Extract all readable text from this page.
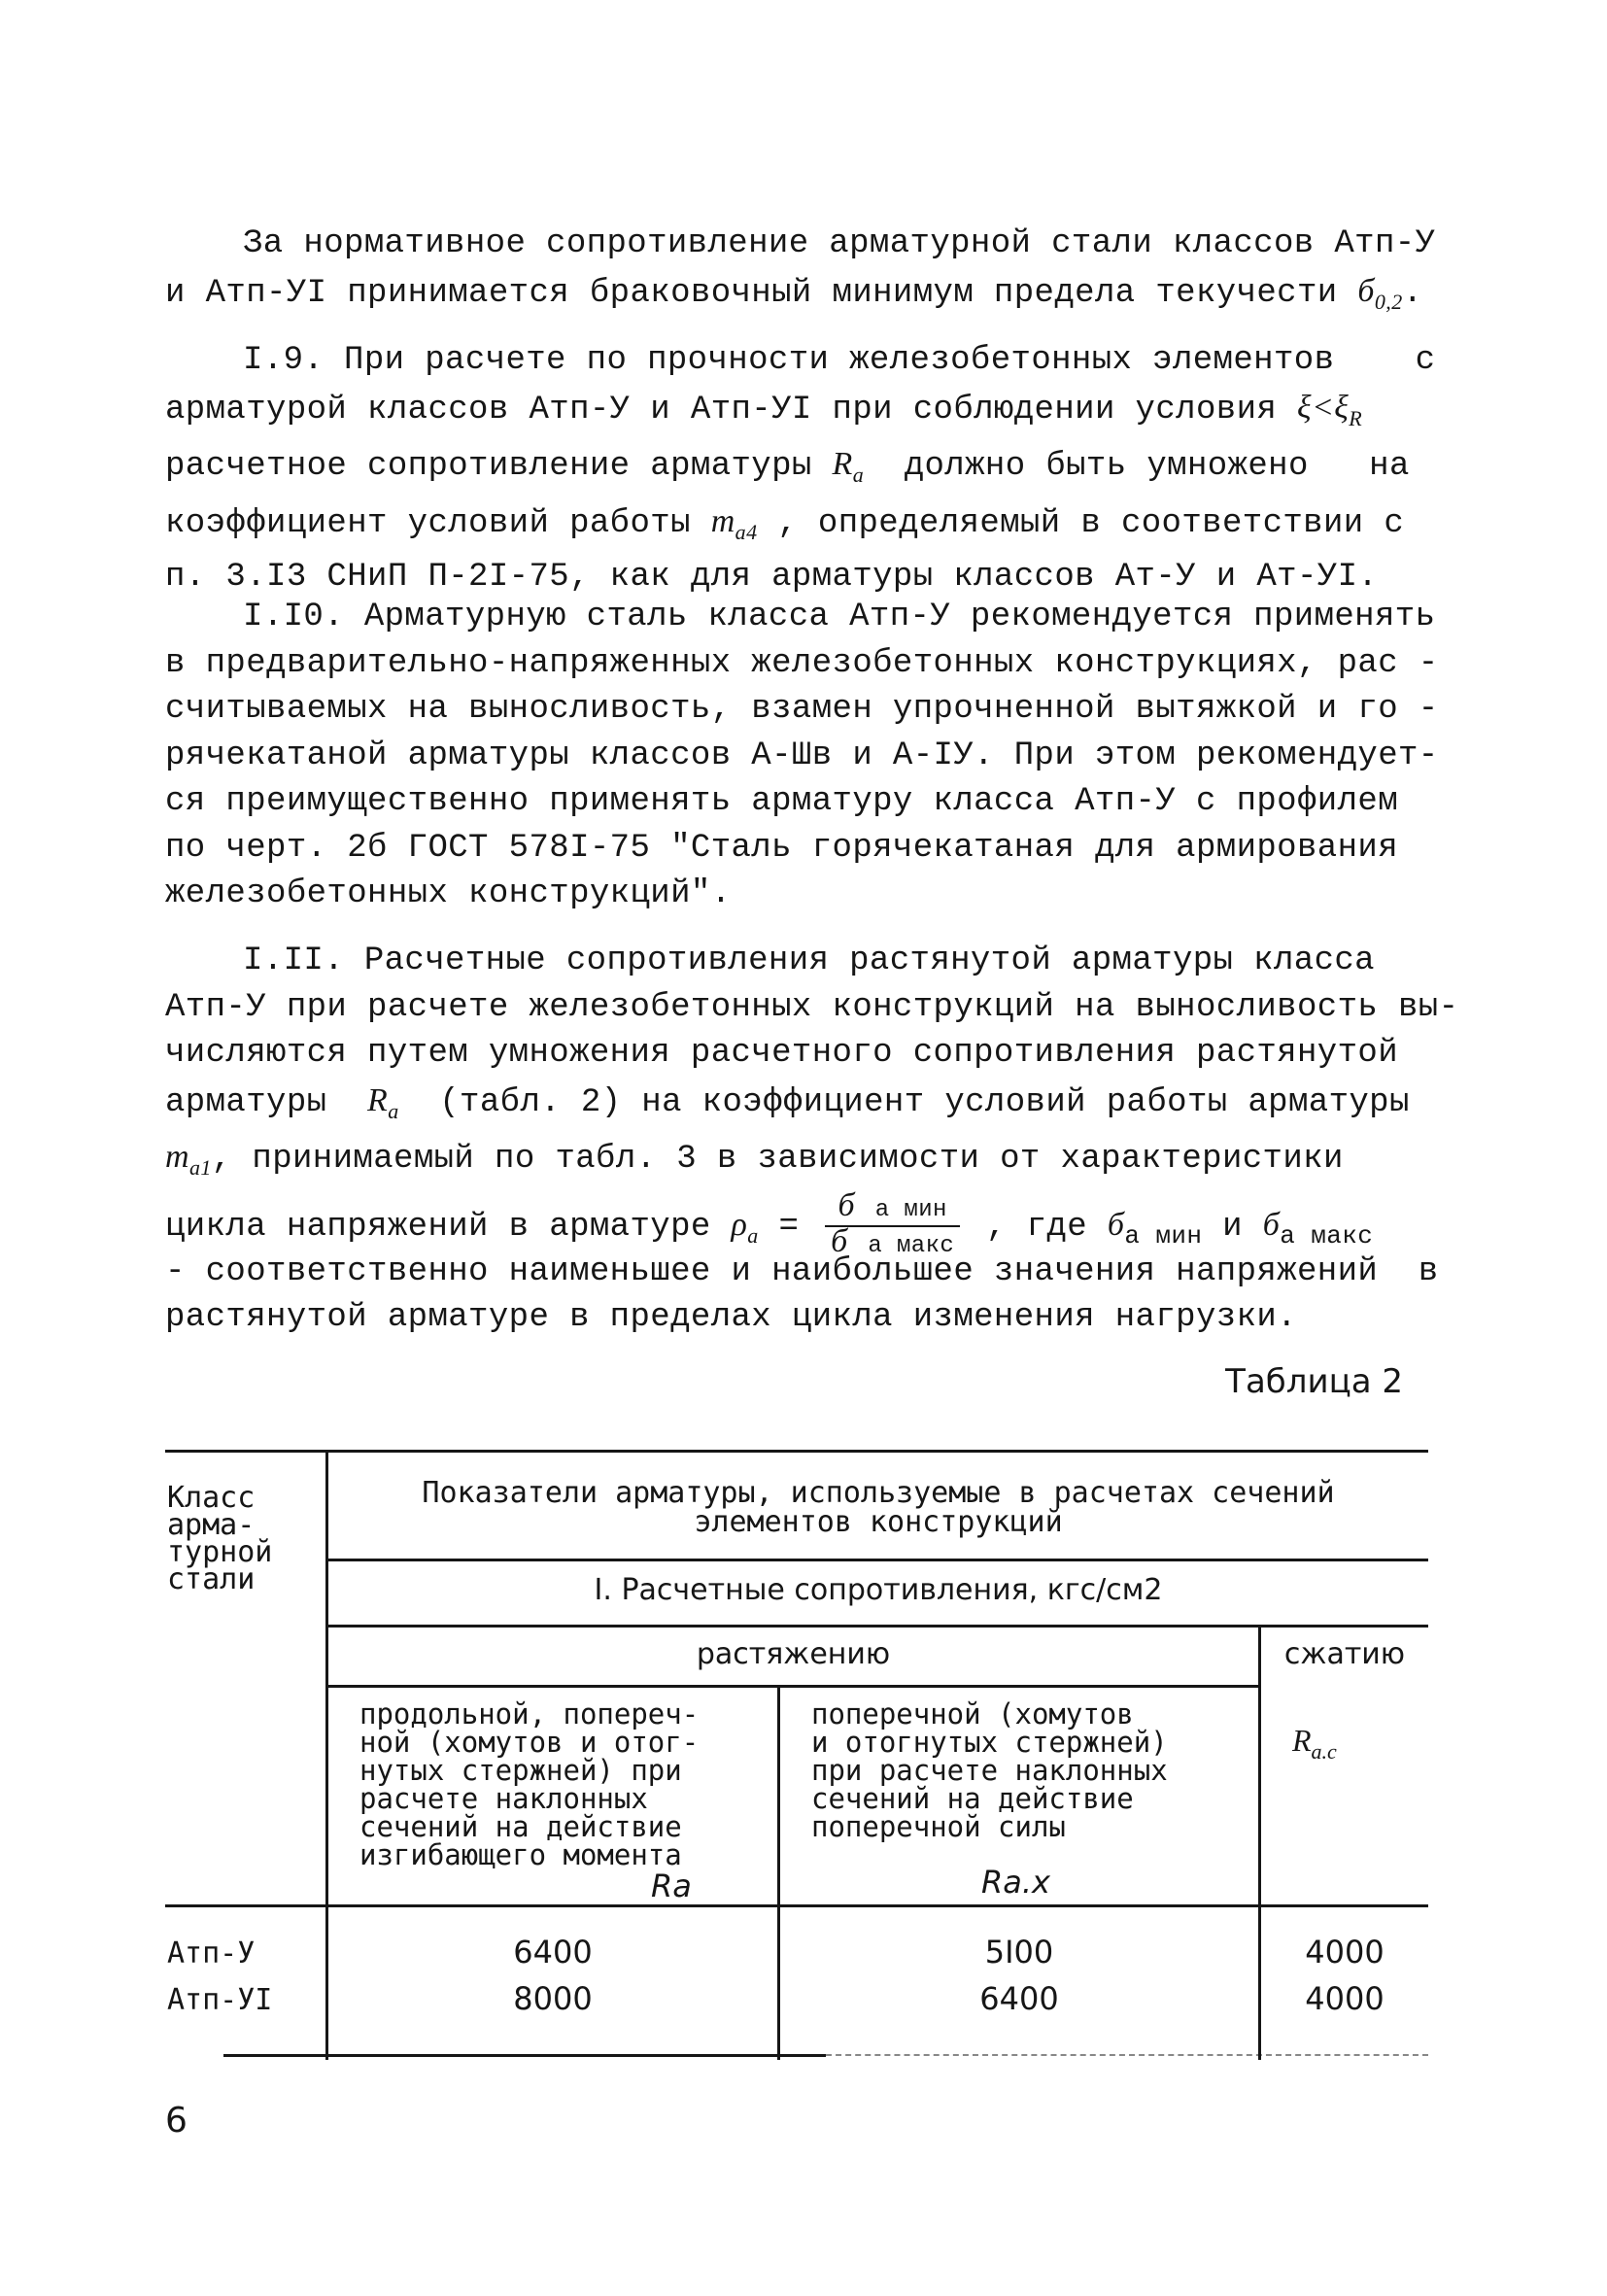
За нормативное сопротивление арматурной стали классов Атп-У
и Атп-УI принимается браковочный минимум предела текучести $б_{0,2}$.
I.9. При расчете по прочности железобетонных элементов    с
арматурой классов Атп-У и Атп-УI при соблюдении условия $\xi<\xi_R$
расчетное сопротивление арматуры $R_a$  должно быть умножено   на
коэффициент условий работы $m_{a4}$ , определяемый в соответствии с
п. 3.I3 СНиП П-2I-75, как для арматуры классов Ат-У и Ат-УI.
I.I0. Арматурную сталь класса Атп-У рекомендуется применять
в предварительно-напряженных железобетонных конструкциях, рас -
считываемых на выносливость, взамен упрочненной вытяжкой и го -
рячекатаной арматуры классов А-Шв и А-IУ. При этом рекомендует-
ся преимущественно применять арматуру класса Атп-У с профилем
по черт. 2б ГОСТ 578I-75 "Сталь горячекатаная для армирования
железобетонных конструкций".
I.II. Расчетные сопротивления растянутой арматуры класса
Атп-У при расчете железобетонных конструкций на выносливость вы-
числяются путем умножения расчетного сопротивления растянутой
арматуры  $R_a$  (табл. 2) на коэффициент условий работы арматуры
$m_{a1}$, принимаемый по табл. 3 в зависимости от характеристики
цикла напряжений в арматуре $\rho_a = \frac{\text{б a мин}}{\text{б a макс}}$ , где $б_{a мин}$ и $б_{a макс}$
- соответственно наименьшее и наибольшее значения напряжений  в
растянутой арматуре в пределах цикла изменения нагрузки.
Таблица 2
Класс
арма-
турной
стали
Показатели арматуры, используемые в расчетах сечений
элементов конструкций
I. Расчетные сопротивления, кгс/см2
растяжению	сжатию
$R_{a.c}$
продольной, попереч-
ной (хомутов и отог-
нутых стержней) при
расчете наклонных
сечений на действие
изгибающего момента
Ra
поперечной (хомутов
и отогнутых стержней)
при расчете наклонных
сечений на действие
поперечной силы
Ra.x
Атп-У	6400	5I00	4000
Атп-УI	8000	6400	4000
6
